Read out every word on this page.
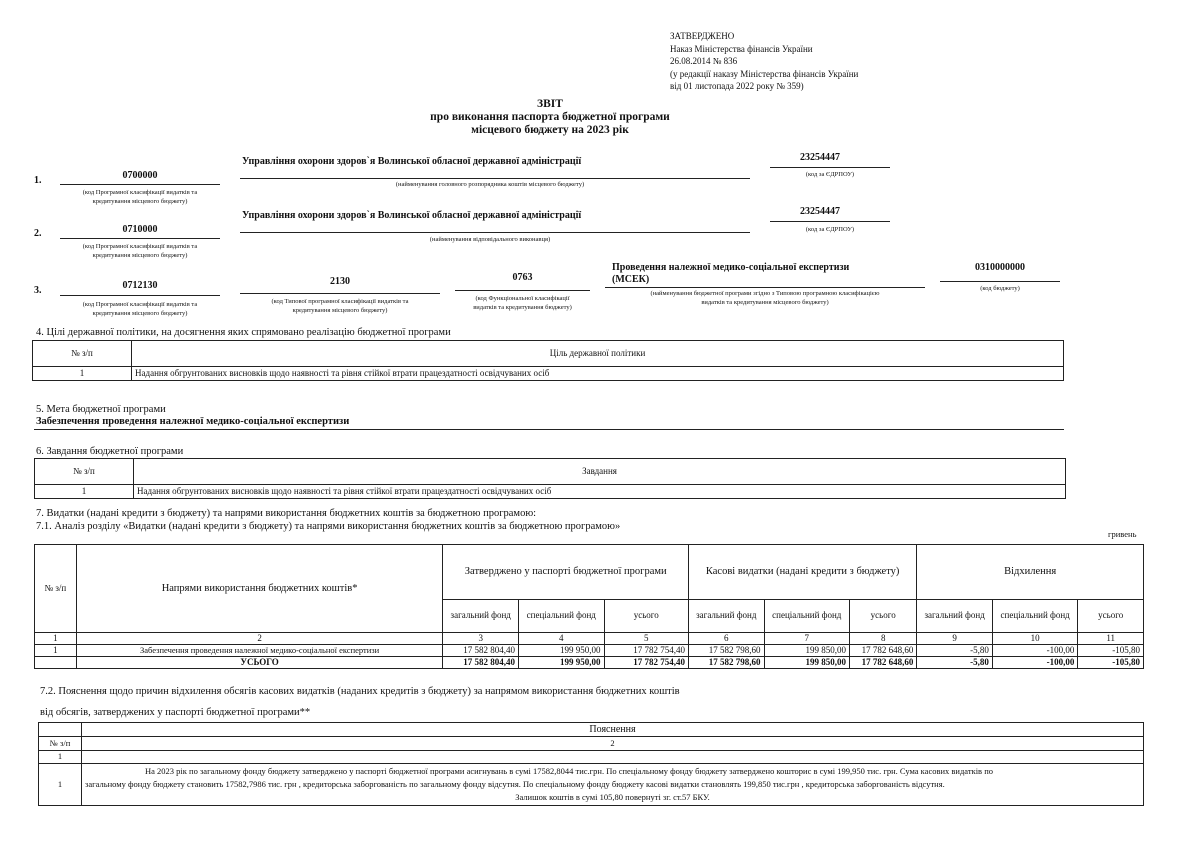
ЗАТВЕРДЖЕНО
Наказ Міністерства фінансів України
26.08.2014 № 836
(у редакції наказу Міністерства фінансів України
від 01 листопада 2022 року № 359)
ЗВІТ
про виконання паспорта бюджетної програми
місцевого бюджету на 2023 рік
1.	0700000
(код Програмної класифікації видатків та
кредитування місцевого бюджету)
Управління охорони здоров`я Волинської обласної державної адміністрації
(найменування головного розпорядника коштів місцевого бюджету)
23254447
(код за ЄДРПОУ)
2.	0710000
(код Програмної класифікації видатків та
кредитування місцевого бюджету)
Управління охорони здоров`я Волинської обласної державної адміністрації
(найменування відповідального виконавця)
23254447
(код за ЄДРПОУ)
3.	0712130
(код Програмної класифікації видатків та
кредитування місцевого бюджету)
2130
(код Типової програмної класифікації видатків та
кредитування місцевого бюджету)
0763
(код Функціональної класифікації
видатків та кредитування бюджету)
Проведення належної медико-соціальної експертизи
(МСЕК)
(найменування бюджетної програми згідно з Типовою програмною класифікацією
видатків та кредитування місцевого бюджету)
0310000000
(код бюджету)
4. Цілі державної політики, на досягнення яких спрямовано реалізацію бюджетної програми
№ з/п	Ціль державної політики
1	Надання обгрунтованих висновків щодо наявності та рівня стійкої втрати працездатності освідчуваних осіб
5. Мета бюджетної програми
Забезпечення проведення належної медико-соціальної експертизи
6. Завдання бюджетної програми
№ з/п	Завдання
1	Надання обгрунтованих висновків щодо наявності та рівня стійкої втрати працездатності освідчуваних осіб
7. Видатки (надані кредити з бюджету) та напрями використання бюджетних коштів за бюджетною програмою:
7.1. Аналіз розділу «Видатки (надані кредити з бюджету) та напрями використання бюджетних коштів за бюджетною програмою»
гривень
№ з/п	Напрями використання бюджетних коштів*	Затверджено у паспорті бюджетної програми			Касові видатки (надані кредити з бюджету)			Відхилення		
		загальний фонд	спеціальний фонд	усього	загальний фонд	спеціальний фонд	усього	загальний фонд	спеціальний фонд	усього
1	2	3	4	5	6	7	8	9	10	11
1	Забезпечення проведення належної медико-соціальної експертизи	17 582 804,40	199 950,00	17 782 754,40	17 582 798,60	199 850,00	17 782 648,60	-5,80	-100,00	-105,80
	УСЬОГО	17 582 804,40	199 950,00	17 782 754,40	17 582 798,60	199 850,00	17 782 648,60	-5,80	-100,00	-105,80
7.2. Пояснення щодо причин відхилення обсягів касових видатків (наданих кредитів з бюджету) за напрямом використання бюджетних коштів
від обсягів, затверджених у паспорті бюджетної програми**
	Пояснення
№ з/п	2
1	
1	На 2023 рік по загальному фонду бюджету затверджено у паспорті бюджетної програми асигнувань в сумі 17582,8044 тис.грн. По спеціальному фонду бюджету затверджено кошторис в сумі 199,950 тис. грн. Сума касових видатків по
загальному фонду бюджету становить 17582,7986 тис. грн , кредиторська заборгованість по загальному фонду відсутня. По спеціальному фонду бюджету касові видатки становлять 199,850 тис.грн , кредиторська заборгованість відсутня.
Залишок коштів в сумі 105,80 повернуті зг. ст.57 БКУ.
